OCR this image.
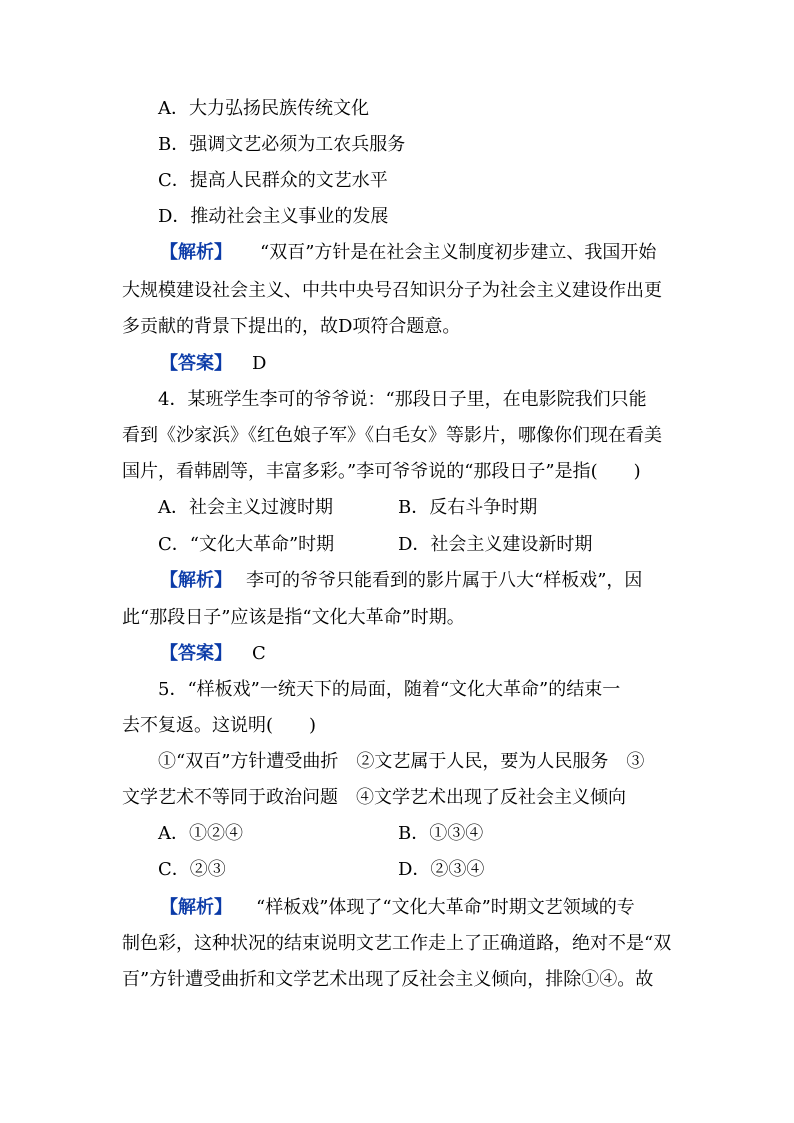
A．大力弘扬民族传统文化
B．强调文艺必须为工农兵服务
C．提高人民群众的文艺水平
D．推动社会主义事业的发展
【解析】 “双百”方针是在社会主义制度初步建立、我国开始
大规模建设社会主义、中共中央号召知识分子为社会主义建设作出更
多贡献的背景下提出的，故D项符合题意。
【答案】 D
4．某班学生李可的爷爷说：“那段日子里，在电影院我们只能
看到《沙家浜》《红色娘子军》《白毛女》等影片，哪像你们现在看美
国片，看韩剧等，丰富多彩。”李可爷爷说的“那段日子”是指(　　)
A．社会主义过渡时期	B．反右斗争时期
C．“文化大革命”时期	D．社会主义建设新时期
【解析】 李可的爷爷只能看到的影片属于八大“样板戏”，因
此“那段日子”应该是指“文化大革命”时期。
【答案】 C
5．“样板戏”一统天下的局面，随着“文化大革命”的结束一
去不复返。这说明(　　)
①“双百”方针遭受曲折　②文艺属于人民，要为人民服务　③
文学艺术不等同于政治问题　④文学艺术出现了反社会主义倾向
A．①②④	B．①③④
C．②③	D．②③④
【解析】 “样板戏”体现了“文化大革命”时期文艺领域的专
制色彩，这种状况的结束说明文艺工作走上了正确道路，绝对不是“双
百”方针遭受曲折和文学艺术出现了反社会主义倾向，排除①④。故
